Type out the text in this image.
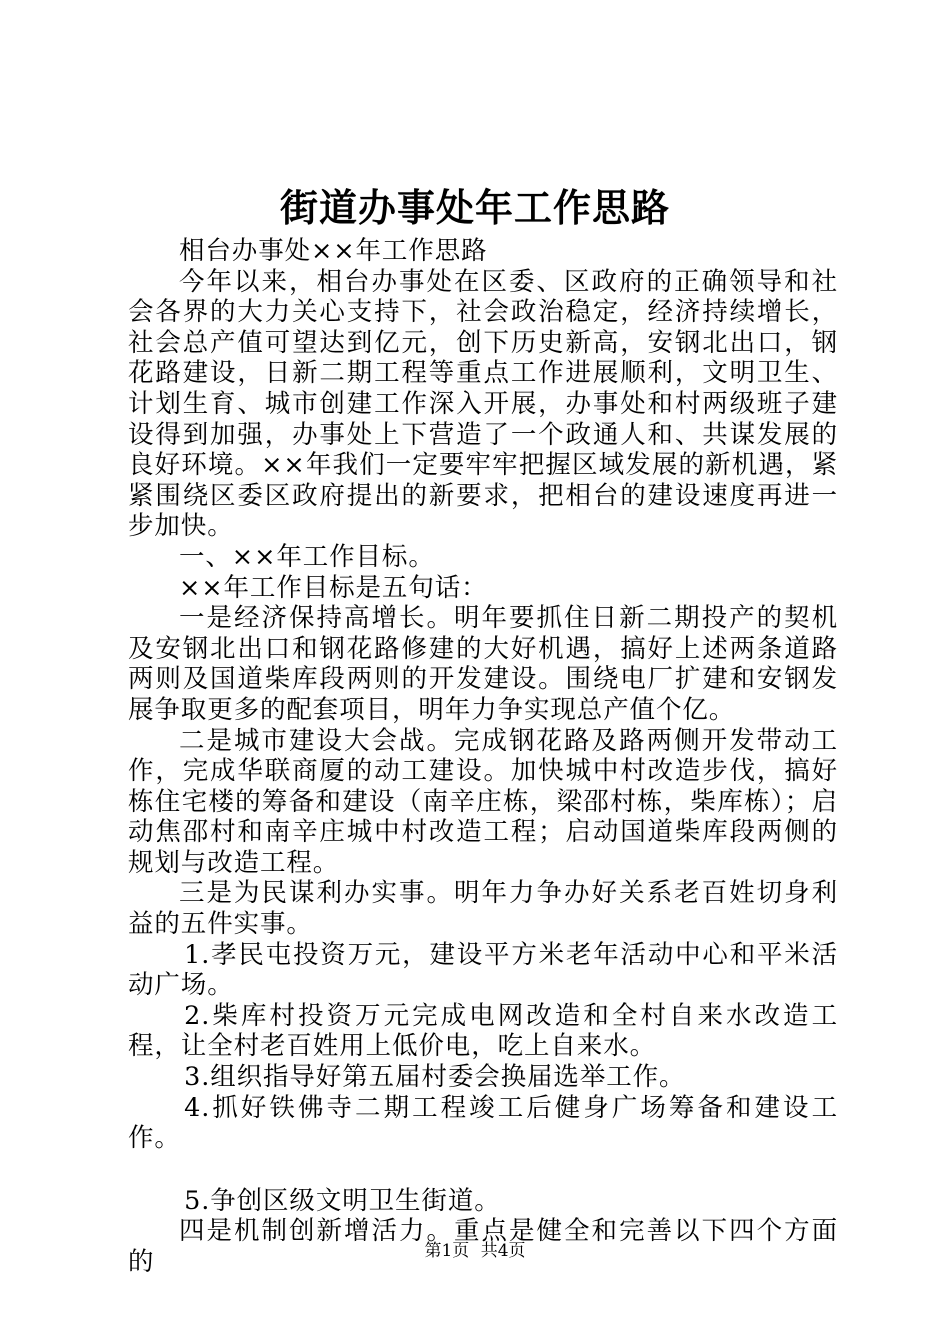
街道办事处年工作思路

相台办事处××年工作思路

今年以来，相台办事处在区委、区政府的正确领导和社会各界的大力关心支持下，社会政治稳定，经济持续增长，社会总产值可望达到亿元，创下历史新高，安钢北出口，钢花路建设，日新二期工程等重点工作进展顺利，文明卫生、计划生育、城市创建工作深入开展，办事处和村两级班子建设得到加强，办事处上下营造了一个政通人和、共谋发展的良好环境。××年我们一定要牢牢把握区域发展的新机遇，紧紧围绕区委区政府提出的新要求，把相台的建设速度再进一步加快。

一、××年工作目标。

××年工作目标是五句话：

一是经济保持高增长。明年要抓住日新二期投产的契机及安钢北出口和钢花路修建的大好机遇，搞好上述两条道路两则及国道柴库段两则的开发建设。围绕电厂扩建和安钢发展争取更多的配套项目，明年力争实现总产值个亿。

二是城市建设大会战。完成钢花路及路两侧开发带动工作，完成华联商厦的动工建设。加快城中村改造步伐，搞好栋住宅楼的筹备和建设（南辛庄栋，梁邵村栋，柴库栋）；启动焦邵村和南辛庄城中村改造工程；启动国道柴库段两侧的规划与改造工程。

三是为民谋利办实事。明年力争办好关系老百姓切身利益的五件实事。

1.孝民屯投资万元，建设平方米老年活动中心和平米活动广场。

2.柴库村投资万元完成电网改造和全村自来水改造工程，让全村老百姓用上低价电，吃上自来水。

3.组织指导好第五届村委会换届选举工作。

4.抓好铁佛寺二期工程竣工后健身广场筹备和建设工作。

5.争创区级文明卫生街道。

四是机制创新增活力。重点是健全和完善以下四个方面的	第1页 共4页
